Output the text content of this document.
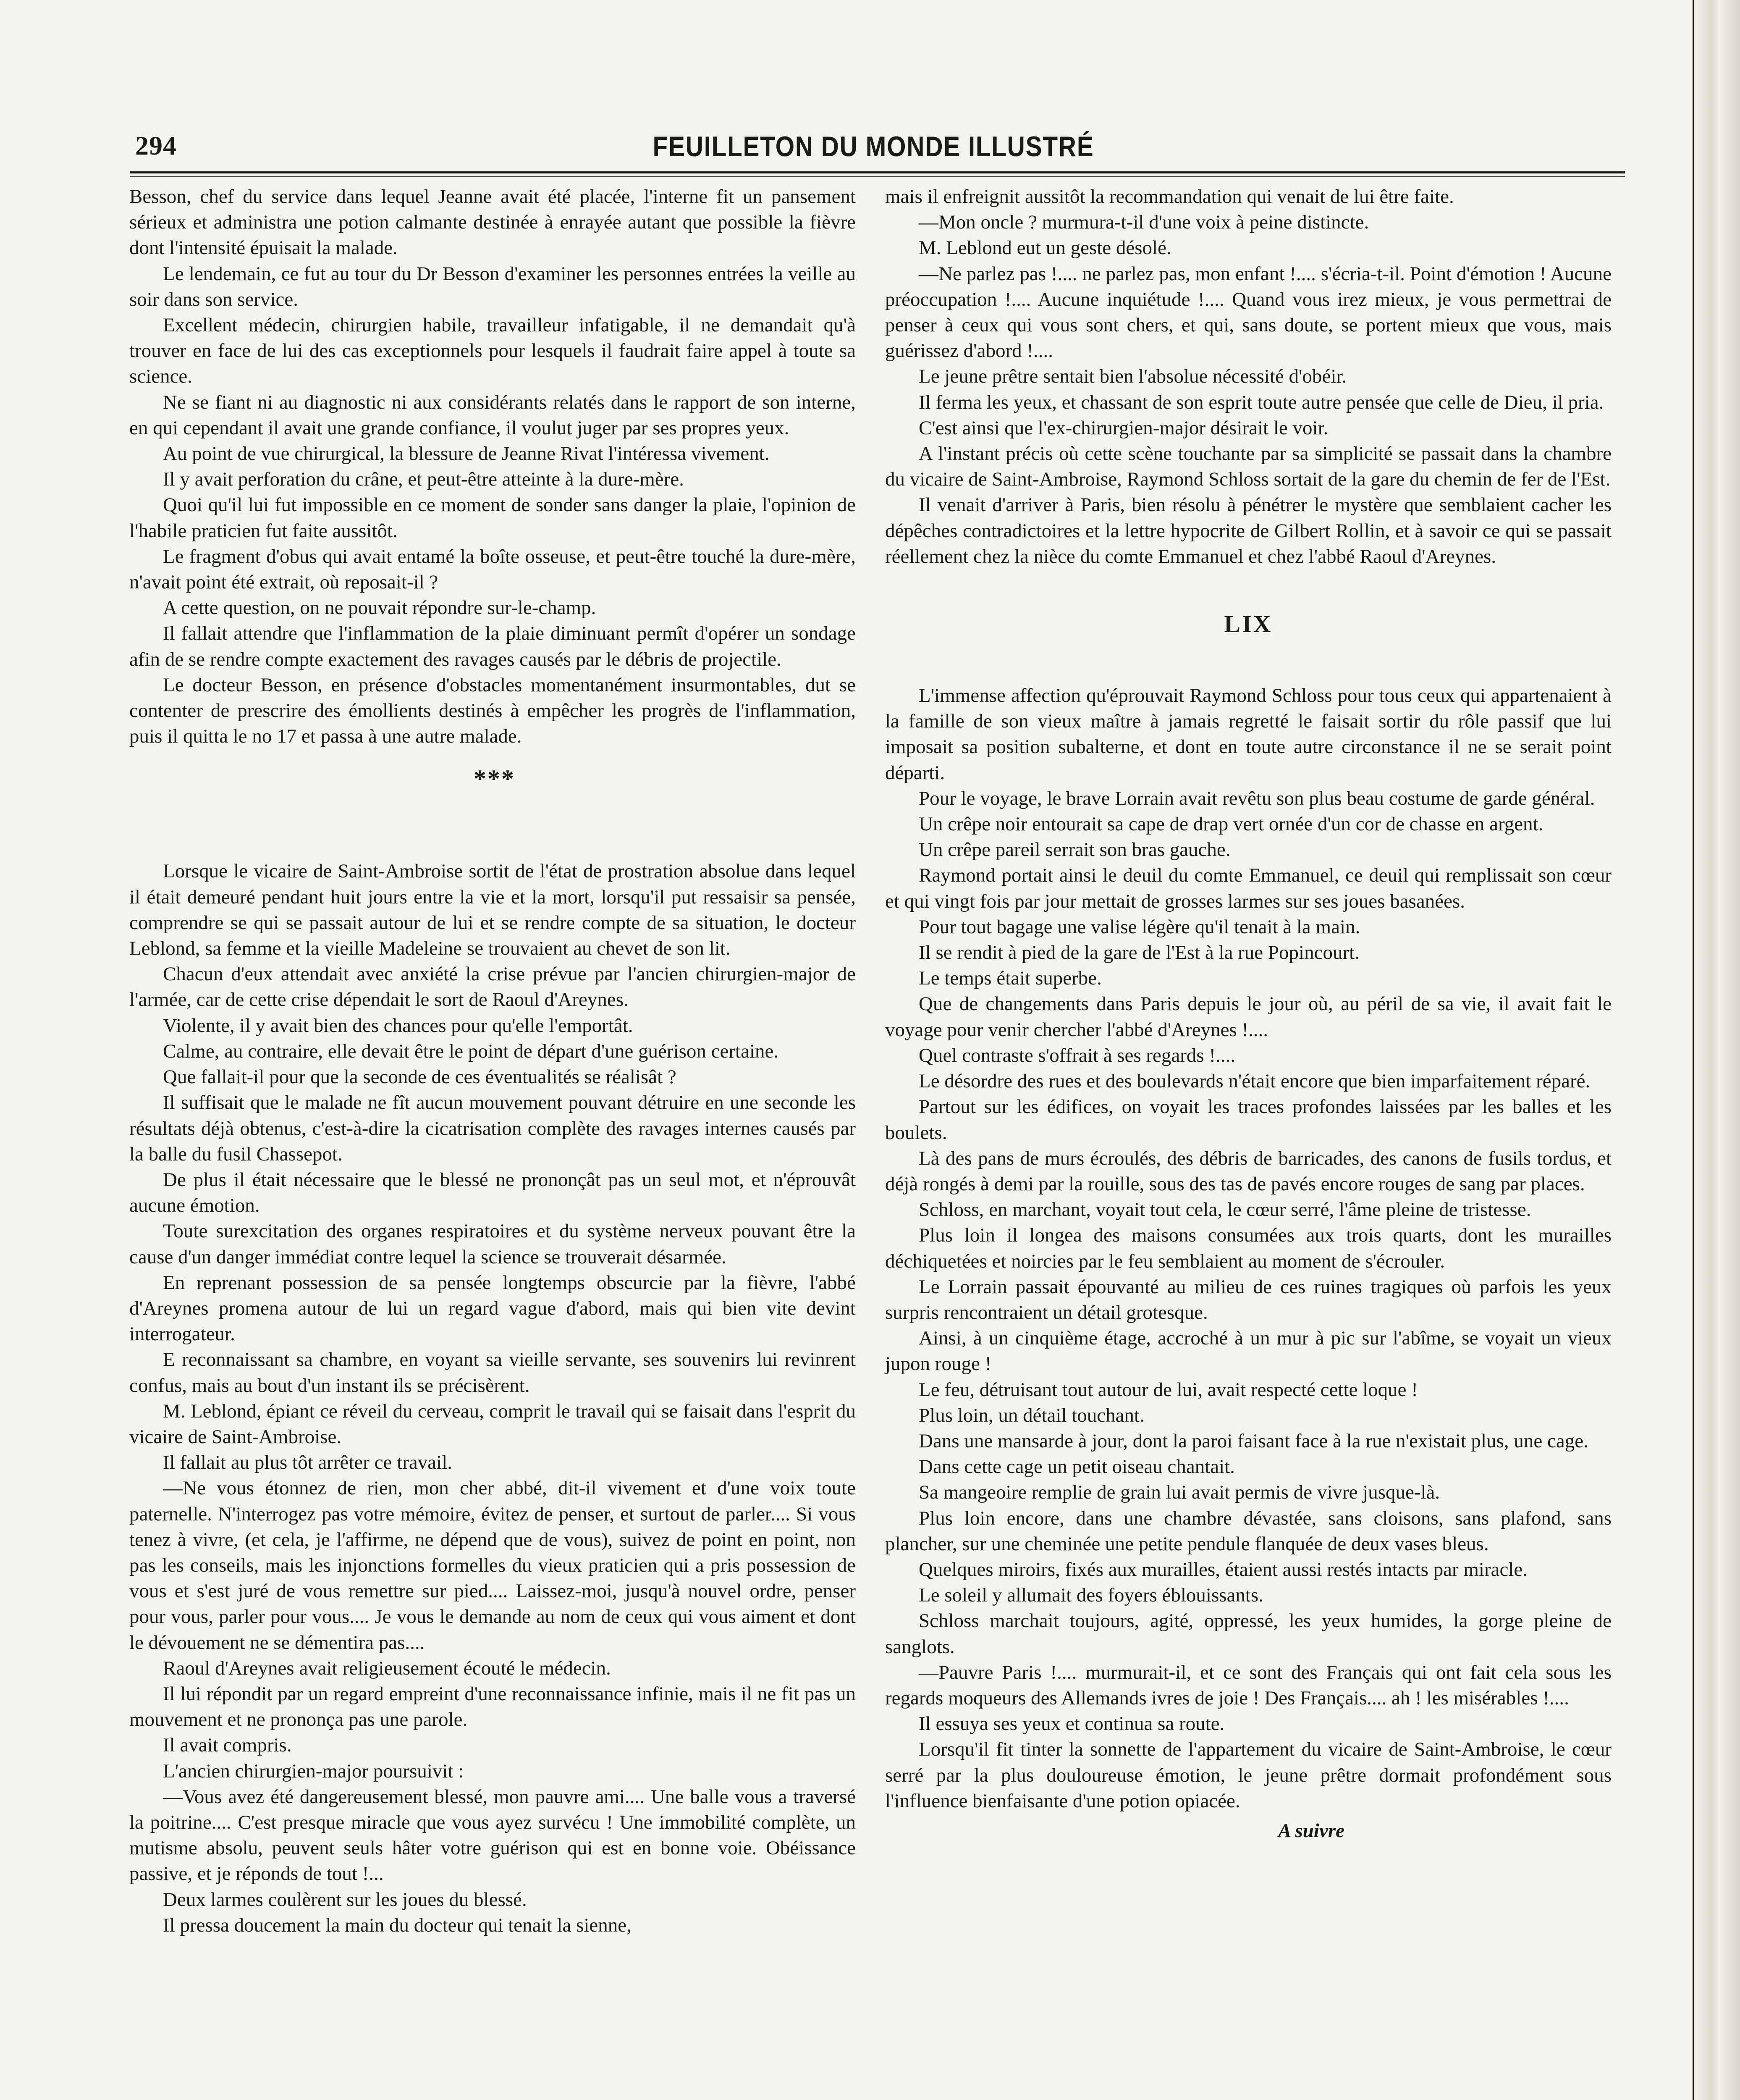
294	FEUILLETON DU MONDE ILLUSTRÉ

Besson, chef du service dans lequel Jeanne avait été placée, l'interne fit un pansement sérieux et administra une potion calmante destinée à enrayée autant que possible la fièvre dont l'intensité épuisait la malade.

Le lendemain, ce fut au tour du Dr Besson d'examiner les personnes entrées la veille au soir dans son service.

Excellent médecin, chirurgien habile, travailleur infatigable, il ne demandait qu'à trouver en face de lui des cas exceptionnels pour lesquels il faudrait faire appel à toute sa science.

Ne se fiant ni au diagnostic ni aux considérants relatés dans le rapport de son interne, en qui cependant il avait une grande confiance, il voulut juger par ses propres yeux.

Au point de vue chirurgical, la blessure de Jeanne Rivat l'intéressa vivement.

Il y avait perforation du crâne, et peut-être atteinte à la dure-mère.

Quoi qu'il lui fut impossible en ce moment de sonder sans danger la plaie, l'opinion de l'habile praticien fut faite aussitôt.

Le fragment d'obus qui avait entamé la boîte osseuse, et peut-être touché la dure-mère, n'avait point été extrait, où reposait-il ?

A cette question, on ne pouvait répondre sur-le-champ.

Il fallait attendre que l'inflammation de la plaie diminuant permît d'opérer un sondage afin de se rendre compte exactement des ravages causés par le débris de projectile.

Le docteur Besson, en présence d'obstacles momentanément insurmontables, dut se contenter de prescrire des émollients destinés à empêcher les progrès de l'inflammation, puis il quitta le no 17 et passa à une autre malade.

* * *

Lorsque le vicaire de Saint-Ambroise sortit de l'état de prostration absolue dans lequel il était demeuré pendant huit jours entre la vie et la mort, lorsqu'il put ressaisir sa pensée, comprendre se qui se passait autour de lui et se rendre compte de sa situation, le docteur Leblond, sa femme et la vieille Madeleine se trouvaient au chevet de son lit.

Chacun d'eux attendait avec anxiété la crise prévue par l'ancien chirurgien-major de l'armée, car de cette crise dépendait le sort de Raoul d'Areynes.

Violente, il y avait bien des chances pour qu'elle l'emportât.

Calme, au contraire, elle devait être le point de départ d'une guérison certaine.

Que fallait-il pour que la seconde de ces éventualités se réalisât ?

Il suffisait que le malade ne fît aucun mouvement pouvant détruire en une seconde les résultats déjà obtenus, c'est-à-dire la cicatrisation complète des ravages internes causés par la balle du fusil Chassepot.

De plus il était nécessaire que le blessé ne prononçât pas un seul mot, et n'éprouvât aucune émotion.

Toute surexcitation des organes respiratoires et du système nerveux pouvant être la cause d'un danger immédiat contre lequel la science se trouverait désarmée.

En reprenant possession de sa pensée longtemps obscurcie par la fièvre, l'abbé d'Areynes promena autour de lui un regard vague d'abord, mais qui bien vite devint interrogateur.

E reconnaissant sa chambre, en voyant sa vieille servante, ses souvenirs lui revinrent confus, mais au bout d'un instant ils se précisèrent.

M. Leblond, épiant ce réveil du cerveau, comprit le travail qui se faisait dans l'esprit du vicaire de Saint-Ambroise.

Il fallait au plus tôt arrêter ce travail.

—Ne vous étonnez de rien, mon cher abbé, dit-il vivement et d'une voix toute paternelle. N'interrogez pas votre mémoire, évitez de penser, et surtout de parler.... Si vous tenez à vivre, (et cela, je l'affirme, ne dépend que de vous), suivez de point en point, non pas les conseils, mais les injonctions formelles du vieux praticien qui a pris possession de vous et s'est juré de vous remettre sur pied.... Laissez-moi, jusqu'à nouvel ordre, penser pour vous, parler pour vous.... Je vous le demande au nom de ceux qui vous aiment et dont le dévouement ne se démentira pas....

Raoul d'Areynes avait religieusement écouté le médecin.

Il lui répondit par un regard empreint d'une reconnaissance infinie, mais il ne fit pas un mouvement et ne prononça pas une parole.

Il avait compris.

L'ancien chirurgien-major poursuivit :

—Vous avez été dangereusement blessé, mon pauvre ami.... Une balle vous a traversé la poitrine.... C'est presque miracle que vous ayez survécu ! Une immobilité complète, un mutisme absolu, peuvent seuls hâter votre guérison qui est en bonne voie. Obéissance passive, et je réponds de tout !...

Deux larmes coulèrent sur les joues du blessé.

Il pressa doucement la main du docteur qui tenait la sienne,

mais il enfreignit aussitôt la recommandation qui venait de lui être faite.

—Mon oncle ? murmura-t-il d'une voix à peine distincte.

M. Leblond eut un geste désolé.

—Ne parlez pas !.... ne parlez pas, mon enfant !.... s'écria-t-il. Point d'émotion ! Aucune préoccupation !.... Aucune inquiétude !.... Quand vous irez mieux, je vous permettrai de penser à ceux qui vous sont chers, et qui, sans doute, se portent mieux que vous, mais guérissez d'abord !....

Le jeune prêtre sentait bien l'absolue nécessité d'obéir.

Il ferma les yeux, et chassant de son esprit toute autre pensée que celle de Dieu, il pria.

C'est ainsi que l'ex-chirurgien-major désirait le voir.

A l'instant précis où cette scène touchante par sa simplicité se passait dans la chambre du vicaire de Saint-Ambroise, Raymond Schloss sortait de la gare du chemin de fer de l'Est.

Il venait d'arriver à Paris, bien résolu à pénétrer le mystère que semblaient cacher les dépêches contradictoires et la lettre hypocrite de Gilbert Rollin, et à savoir ce qui se passait réellement chez la nièce du comte Emmanuel et chez l'abbé Raoul d'Areynes.

LIX

L'immense affection qu'éprouvait Raymond Schloss pour tous ceux qui appartenaient à la famille de son vieux maître à jamais regretté le faisait sortir du rôle passif que lui imposait sa position subalterne, et dont en toute autre circonstance il ne se serait point départi.

Pour le voyage, le brave Lorrain avait revêtu son plus beau costume de garde général.

Un crêpe noir entourait sa cape de drap vert ornée d'un cor de chasse en argent.

Un crêpe pareil serrait son bras gauche.

Raymond portait ainsi le deuil du comte Emmanuel, ce deuil qui remplissait son cœur et qui vingt fois par jour mettait de grosses larmes sur ses joues basanées.

Pour tout bagage une valise légère qu'il tenait à la main.

Il se rendit à pied de la gare de l'Est à la rue Popincourt.

Le temps était superbe.

Que de changements dans Paris depuis le jour où, au péril de sa vie, il avait fait le voyage pour venir chercher l'abbé d'Areynes !....

Quel contraste s'offrait à ses regards !....

Le désordre des rues et des boulevards n'était encore que bien imparfaitement réparé.

Partout sur les édifices, on voyait les traces profondes laissées par les balles et les boulets.

Là des pans de murs écroulés, des débris de barricades, des canons de fusils tordus, et déjà rongés à demi par la rouille, sous des tas de pavés encore rouges de sang par places.

Schloss, en marchant, voyait tout cela, le cœur serré, l'âme pleine de tristesse.

Plus loin il longea des maisons consumées aux trois quarts, dont les murailles déchiquetées et noircies par le feu semblaient au moment de s'écrouler.

Le Lorrain passait épouvanté au milieu de ces ruines tragiques où parfois les yeux surpris rencontraient un détail grotesque.

Ainsi, à un cinquième étage, accroché à un mur à pic sur l'abîme, se voyait un vieux jupon rouge !

Le feu, détruisant tout autour de lui, avait respecté cette loque !

Plus loin, un détail touchant.

Dans une mansarde à jour, dont la paroi faisant face à la rue n'existait plus, une cage.

Dans cette cage un petit oiseau chantait.

Sa mangeoire remplie de grain lui avait permis de vivre jusque-là.

Plus loin encore, dans une chambre dévastée, sans cloisons, sans plafond, sans plancher, sur une cheminée une petite pendule flanquée de deux vases bleus.

Quelques miroirs, fixés aux murailles, étaient aussi restés intacts par miracle.

Le soleil y allumait des foyers éblouissants.

Schloss marchait toujours, agité, oppressé, les yeux humides, la gorge pleine de sanglots.

—Pauvre Paris !.... murmurait-il, et ce sont des Français qui ont fait cela sous les regards moqueurs des Allemands ivres de joie ! Des Français.... ah ! les misérables !....

Il essuya ses yeux et continua sa route.

Lorsqu'il fit tinter la sonnette de l'appartement du vicaire de Saint-Ambroise, le cœur serré par la plus douloureuse émotion, le jeune prêtre dormait profondément sous l'influence bienfaisante d'une potion opiacée.

A suivre
